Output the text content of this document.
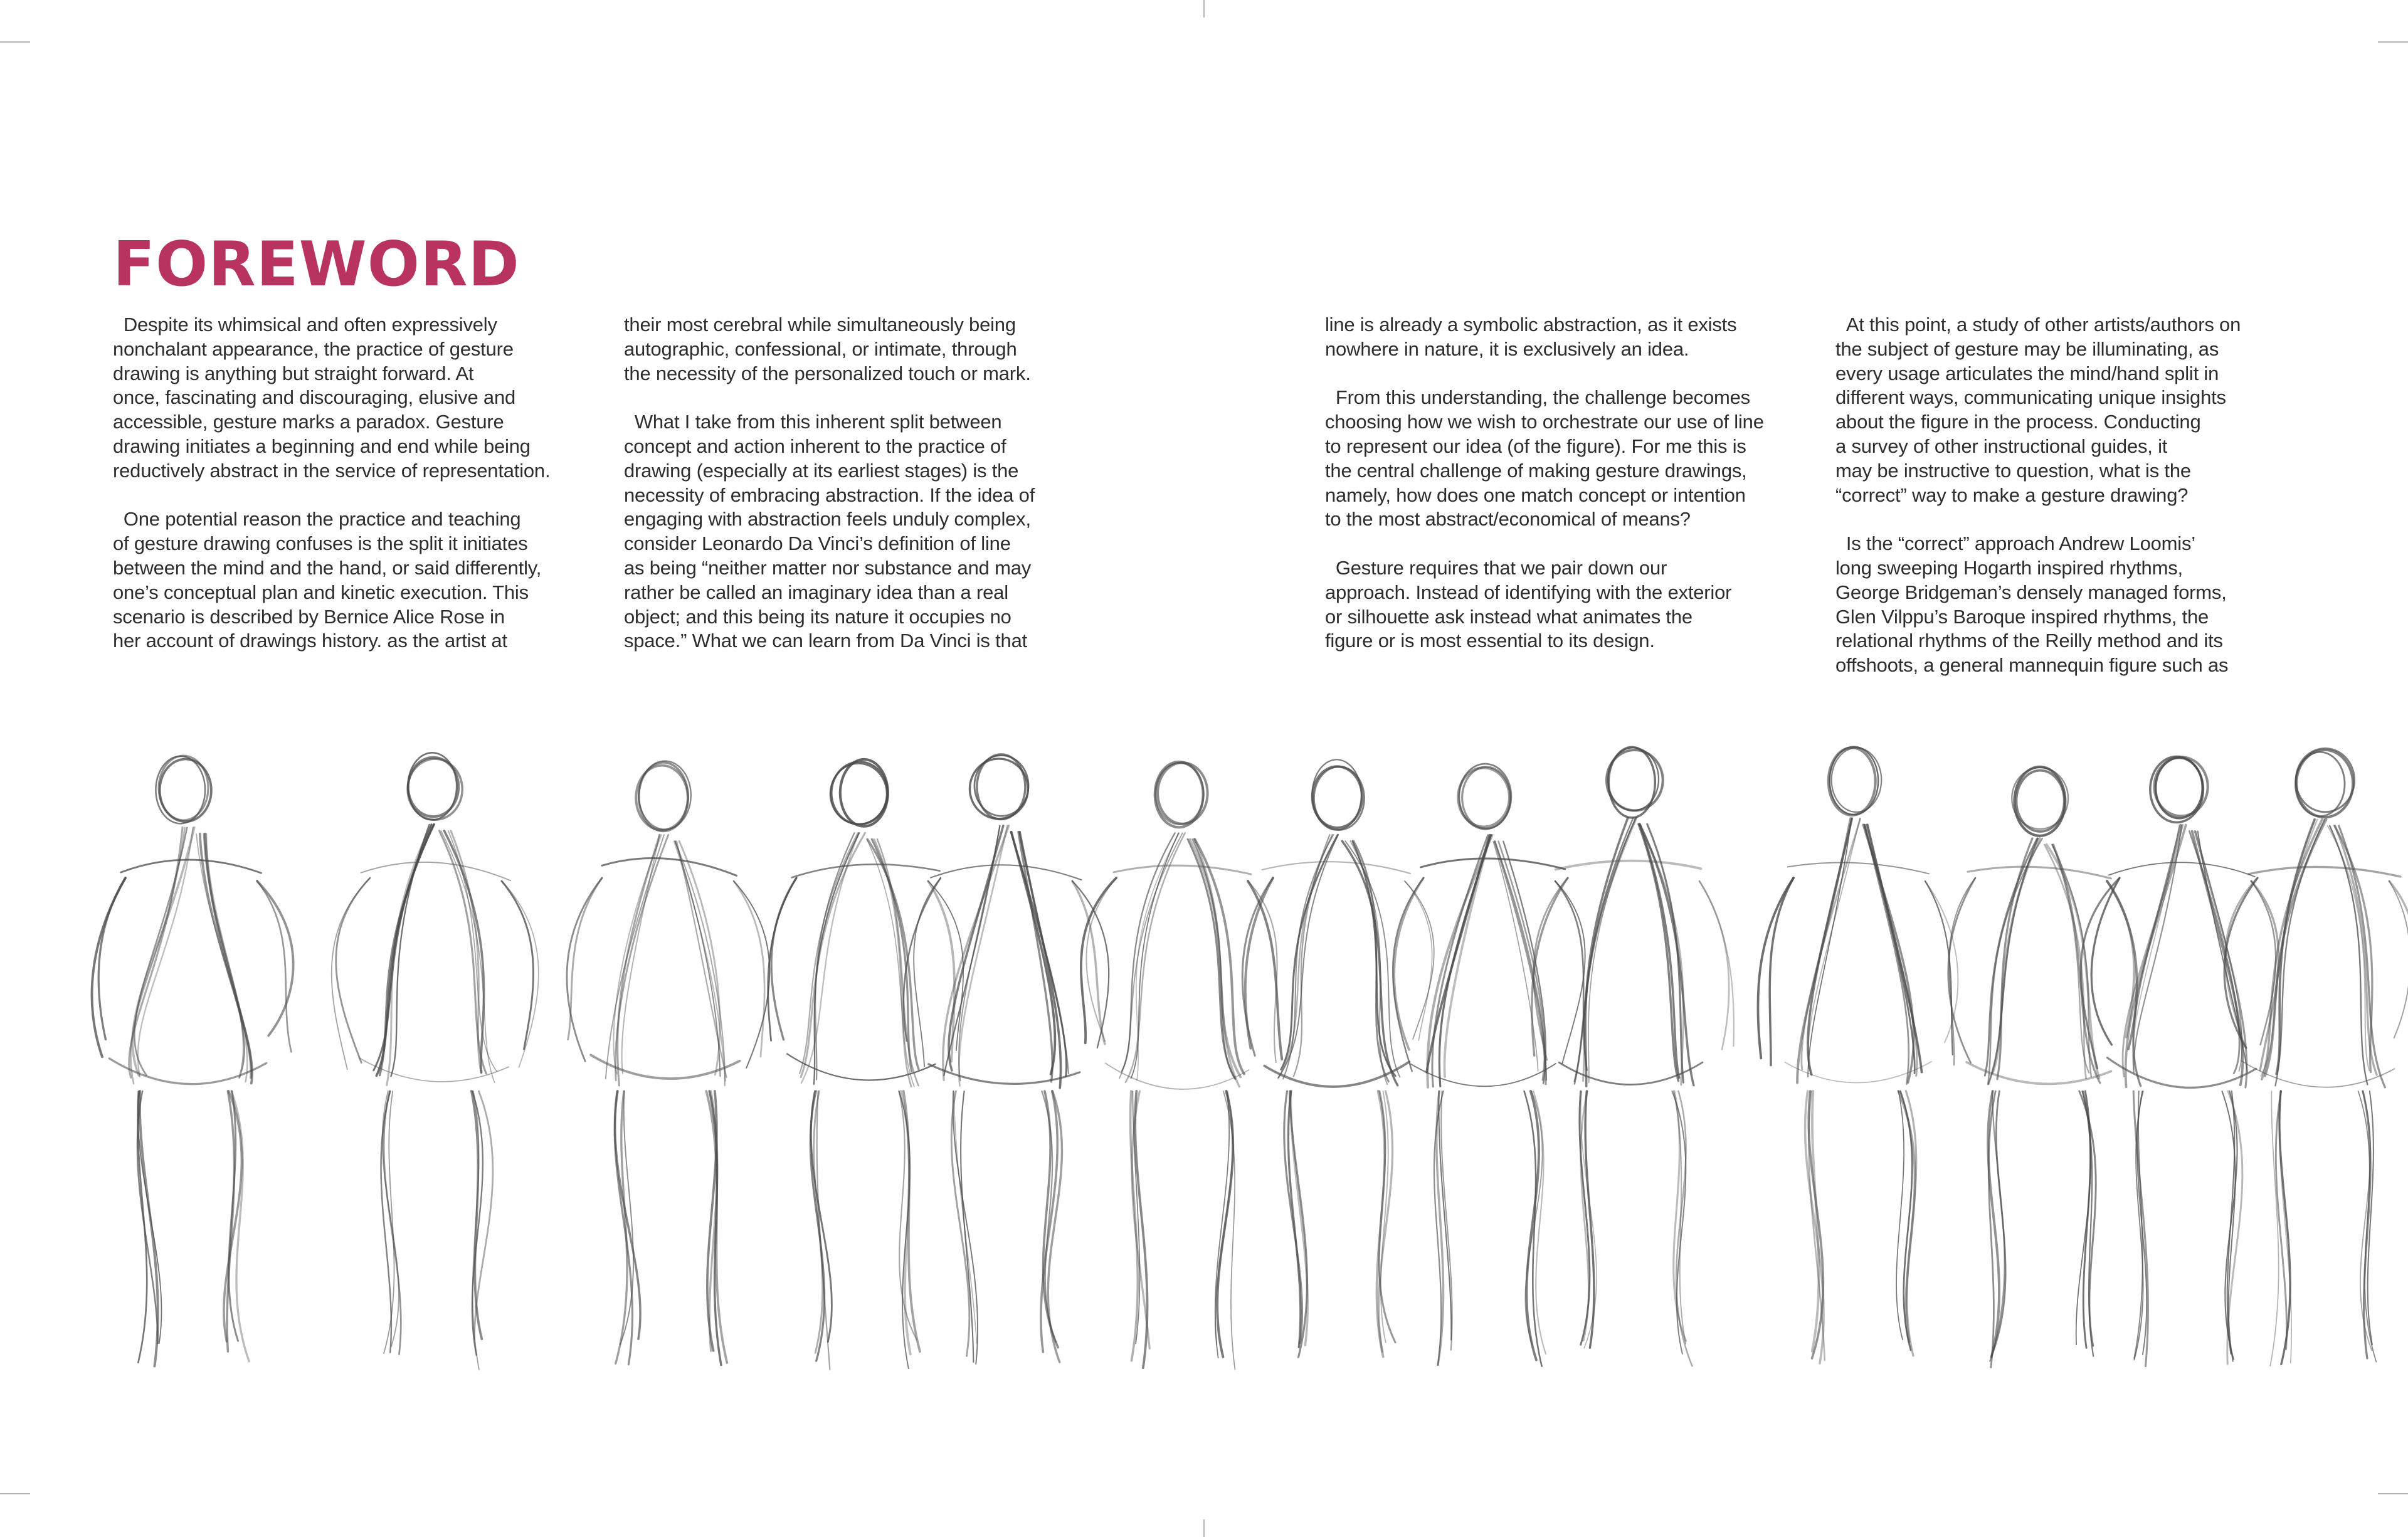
FOREWORD

Despite its whimsical and often expressively
nonchalant appearance, the practice of gesture
drawing is anything but straight forward. At
once, fascinating and discouraging, elusive and
accessible, gesture marks a paradox. Gesture
drawing initiates a beginning and end while being
reductively abstract in the service of representation.

One potential reason the practice and teaching
of gesture drawing confuses is the split it initiates
between the mind and the hand, or said differently,
one’s conceptual plan and kinetic execution. This
scenario is described by Bernice Alice Rose in
her account of drawings history. as the artist at

their most cerebral while simultaneously being
autographic, confessional, or intimate, through
the necessity of the personalized touch or mark.

What I take from this inherent split between
concept and action inherent to the practice of
drawing (especially at its earliest stages) is the
necessity of embracing abstraction. If the idea of
engaging with abstraction feels unduly complex,
consider Leonardo Da Vinci’s definition of line
as being “neither matter nor substance and may
rather be called an imaginary idea than a real
object; and this being its nature it occupies no
space.” What we can learn from Da Vinci is that

line is already a symbolic abstraction, as it exists
nowhere in nature, it is exclusively an idea.

From this understanding, the challenge becomes
choosing how we wish to orchestrate our use of line
to represent our idea (of the figure). For me this is
the central challenge of making gesture drawings,
namely, how does one match concept or intention
to the most abstract/economical of means?

Gesture requires that we pair down our
approach. Instead of identifying with the exterior
or silhouette ask instead what animates the
figure or is most essential to its design.

At this point, a study of other artists/authors on
the subject of gesture may be illuminating, as
every usage articulates the mind/hand split in
different ways, communicating unique insights
about the figure in the process. Conducting
a survey of other instructional guides, it
may be instructive to question, what is the
“correct” way to make a gesture drawing?

Is the “correct” approach Andrew Loomis’
long sweeping Hogarth inspired rhythms,
George Bridgeman’s densely managed forms,
Glen Vilppu’s Baroque inspired rhythms, the
relational rhythms of the Reilly method and its
offshoots, a general mannequin figure such as
